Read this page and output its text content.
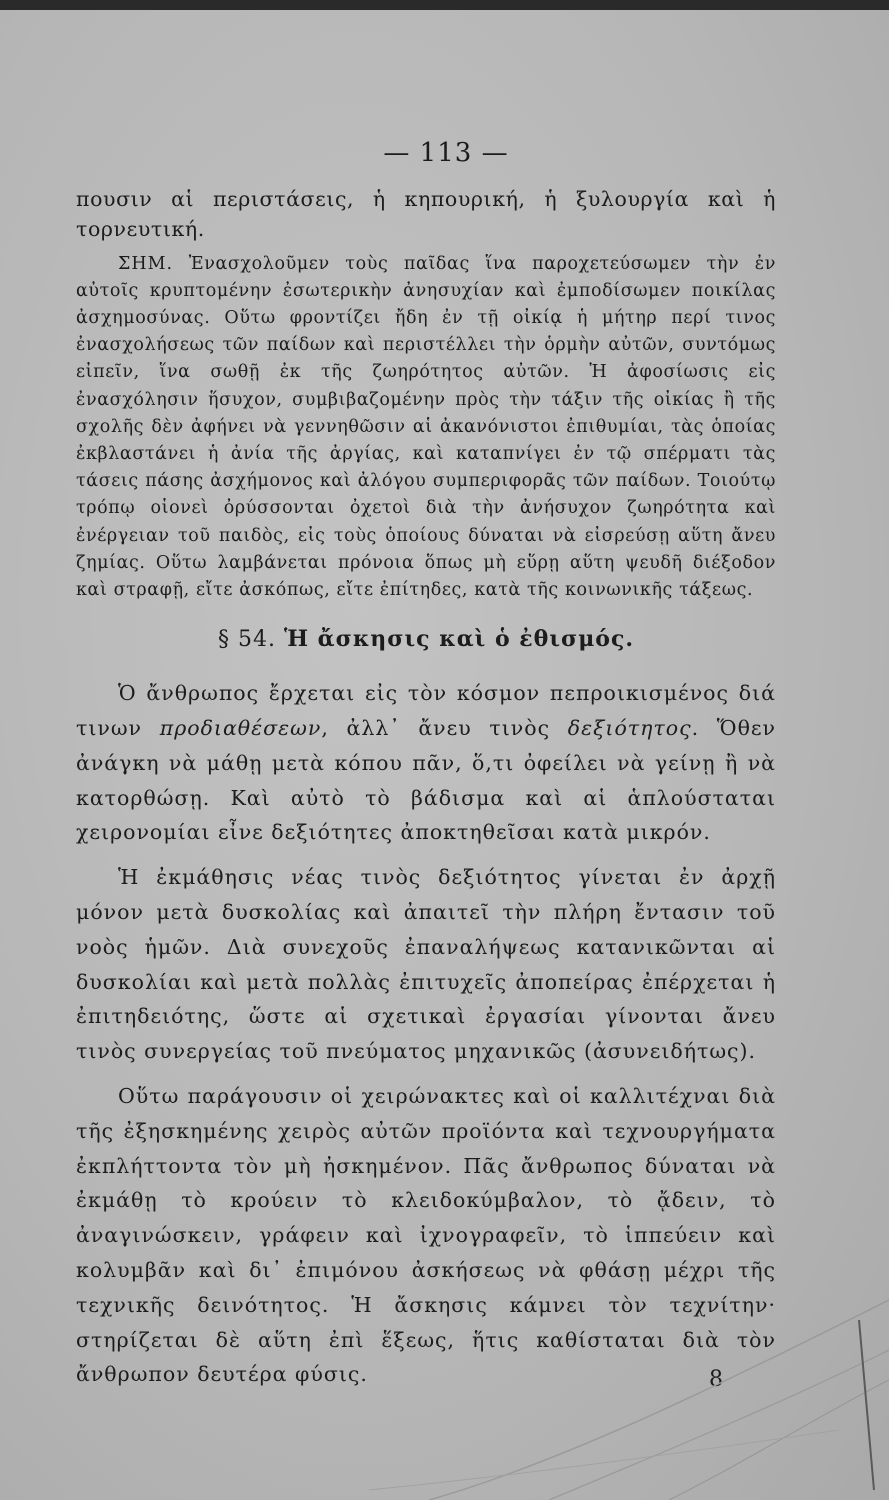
— 113 —

πουσιν αἱ περιστάσεις, ἡ κηπουρική, ἡ ξυλουργία καὶ ἡ τορνευτική.

ΣΗΜ. Ἐνασχολοῦμεν τοὺς παῖδας ἵνα παροχετεύσωμεν τὴν ἐν αὐτοῖς κρυπτομένην ἐσωτερικὴν ἀνησυχίαν καὶ ἐμποδίσωμεν ποικίλας ἀσχημοσύνας. Οὕτω φροντίζει ἤδη ἐν τῇ οἰκίᾳ ἡ μήτηρ περί τινος ἐνασχολήσεως τῶν παίδων καὶ περιστέλλει τὴν ὁρμὴν αὐτῶν, συντόμως εἰπεῖν, ἵνα σωθῇ ἐκ τῆς ζωηρότητος αὐτῶν. Ἡ ἀφοσίωσις εἰς ἐνασχόλησιν ἥσυχον, συμβιβαζομένην πρὸς τὴν τάξιν τῆς οἰκίας ἢ τῆς σχολῆς δὲν ἀφήνει νὰ γεννηθῶσιν αἱ ἀκανόνιστοι ἐπιθυμίαι, τὰς ὁποίας ἐκβλαστάνει ἡ ἀνία τῆς ἀργίας, καὶ καταπνίγει ἐν τῷ σπέρματι τὰς τάσεις πάσης ἀσχήμονος καὶ ἀλόγου συμπεριφορᾶς τῶν παίδων. Τοιούτῳ τρόπῳ οἱονεὶ ὀρύσσονται ὀχετοὶ διὰ τὴν ἀνήσυχον ζωηρότητα καὶ ἐνέργειαν τοῦ παιδὸς, εἰς τοὺς ὁποίους δύναται νὰ εἰσρεύσῃ αὕτη ἄνευ ζημίας. Οὕτω λαμβάνεται πρόνοια ὅπως μὴ εὕρῃ αὕτη ψευδῆ διέξοδον καὶ στραφῇ, εἴτε ἀσκόπως, εἴτε ἐπίτηδες, κατὰ τῆς κοινωνικῆς τάξεως.

§ 54. Ἡ ἄσκησις καὶ ὁ ἐθισμός.

Ὁ ἄνθρωπος ἔρχεται εἰς τὸν κόσμον πεπροικισμένος διά τινων προδιαθέσεων, ἀλλ᾽ ἄνευ τινὸς δεξιότητος. Ὅθεν ἀνάγκη νὰ μάθῃ μετὰ κόπου πᾶν, ὅ,τι ὀφείλει νὰ γείνῃ ἢ νὰ κατορθώσῃ. Καὶ αὐτὸ τὸ βάδισμα καὶ αἱ ἁπλούσταται χειρονομίαι εἶνε δεξιότητες ἀποκτηθεῖσαι κατὰ μικρόν.

Ἡ ἐκμάθησις νέας τινὸς δεξιότητος γίνεται ἐν ἀρχῇ μόνον μετὰ δυσκολίας καὶ ἀπαιτεῖ τὴν πλήρη ἔντασιν τοῦ νοὸς ἡμῶν. Διὰ συνεχοῦς ἐπαναλήψεως κατανικῶνται αἱ δυσκολίαι καὶ μετὰ πολλὰς ἐπιτυχεῖς ἀποπείρας ἐπέρχεται ἡ ἐπιτηδειότης, ὥστε αἱ σχετικαὶ ἐργασίαι γίνονται ἄνευ τινὸς συνεργείας τοῦ πνεύματος μηχανικῶς (ἀσυνειδήτως).

Οὕτω παράγουσιν οἱ χειρώνακτες καὶ οἱ καλλιτέχναι διὰ τῆς ἐξησκημένης χειρὸς αὐτῶν προϊόντα καὶ τεχνουργήματα ἐκπλήττοντα τὸν μὴ ἠσκημένον. Πᾶς ἄνθρωπος δύναται νὰ ἐκμάθῃ τὸ κρούειν τὸ κλειδοκύμβαλον, τὸ ᾄδειν, τὸ ἀναγινώσκειν, γράφειν καὶ ἰχνογραφεῖν, τὸ ἱππεύειν καὶ κολυμβᾶν καὶ δι᾽ ἐπιμόνου ἀσκήσεως νὰ φθάσῃ μέχρι τῆς τεχνικῆς δεινότητος. Ἡ ἄσκησις κάμνει τὸν τεχνίτην· στηρίζεται δὲ αὕτη ἐπὶ ἕξεως, ἥτις καθίσταται διὰ τὸν ἄνθρωπον δευτέρα φύσις.	8
